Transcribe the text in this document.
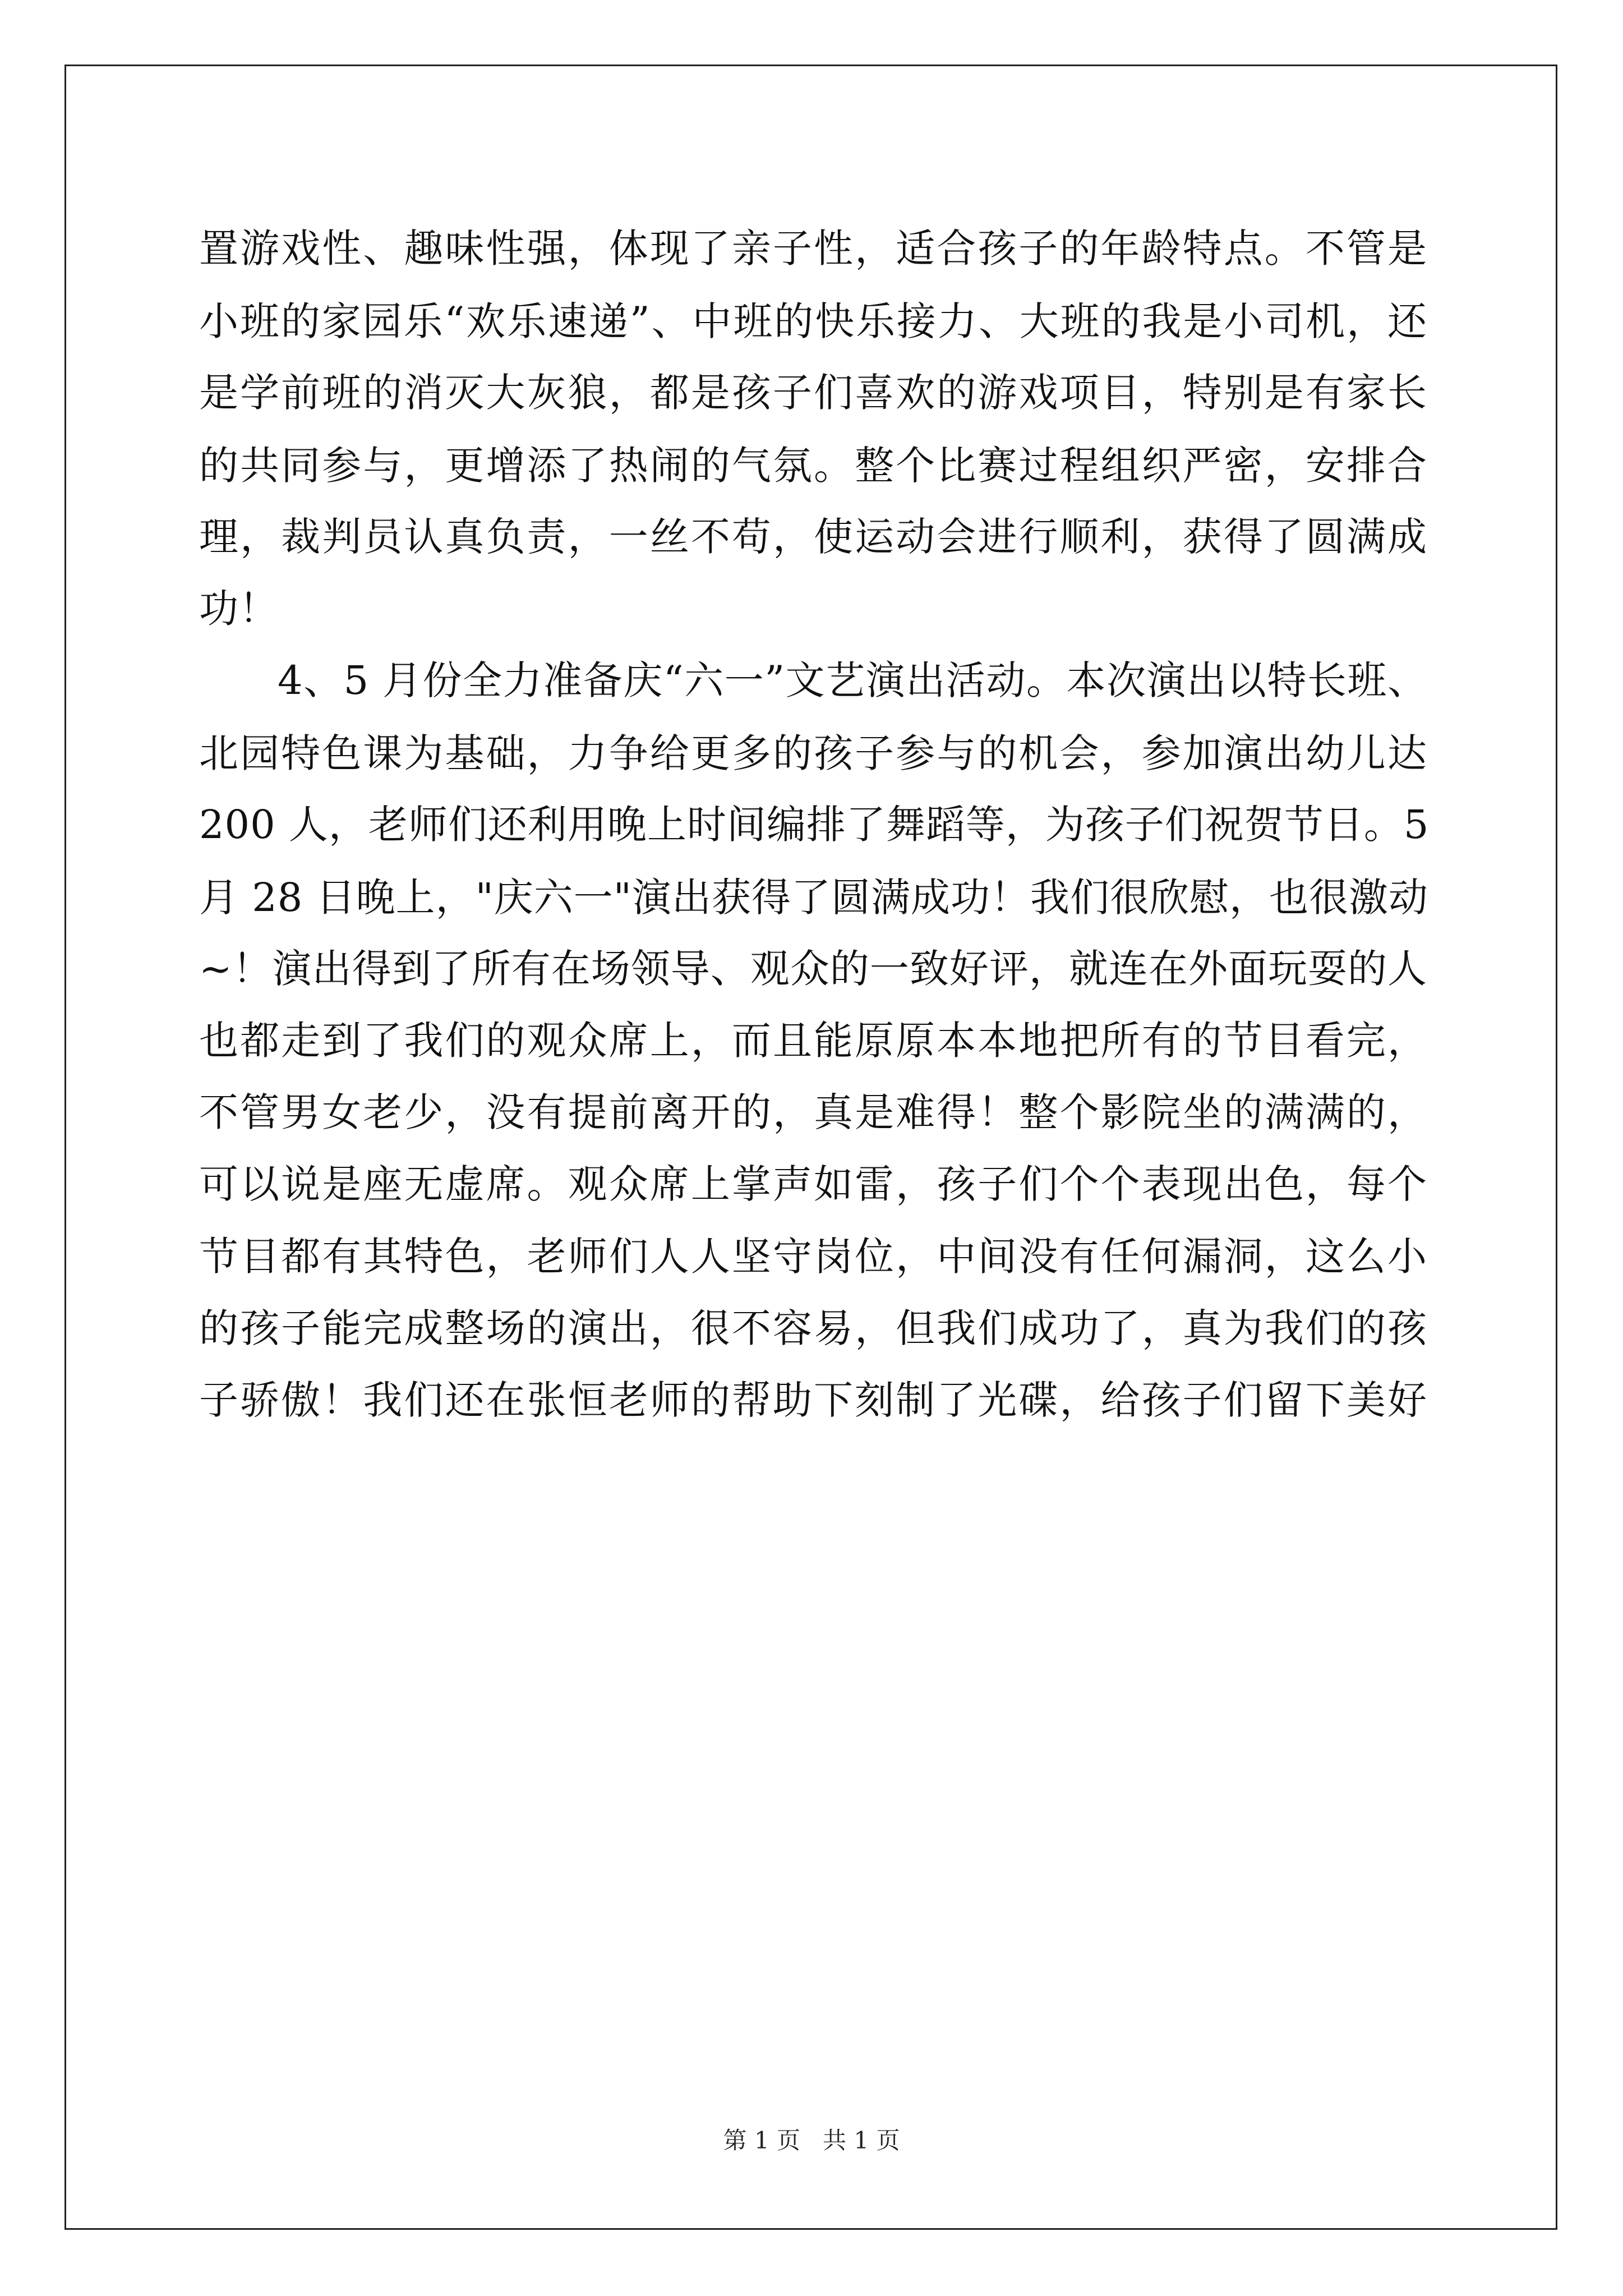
置游戏性、趣味性强，体现了亲子性，适合孩子的年龄特点。不管是
小班的家园乐“欢乐速递”、中班的快乐接力、大班的我是小司机，还
是学前班的消灭大灰狼，都是孩子们喜欢的游戏项目，特别是有家长
的共同参与，更增添了热闹的气氛。整个比赛过程组织严密，安排合
理，裁判员认真负责，一丝不苟，使运动会进行顺利，获得了圆满成
功！
4、5 月份全力准备庆“六一”文艺演出活动。本次演出以特长班、
北园特色课为基础，力争给更多的孩子参与的机会，参加演出幼儿达
200 人，老师们还利用晚上时间编排了舞蹈等，为孩子们祝贺节日。5
月 28 日晚上，"庆六一"演出获得了圆满成功！我们很欣慰，也很激动
~！演出得到了所有在场领导、观众的一致好评，就连在外面玩耍的人
也都走到了我们的观众席上，而且能原原本本地把所有的节目看完，
不管男女老少，没有提前离开的，真是难得！整个影院坐的满满的，
可以说是座无虚席。观众席上掌声如雷，孩子们个个表现出色，每个
节目都有其特色，老师们人人坚守岗位，中间没有任何漏洞，这么小
的孩子能完成整场的演出，很不容易，但我们成功了，真为我们的孩
子骄傲！我们还在张恒老师的帮助下刻制了光碟，给孩子们留下美好
第 1 页 共 1 页
